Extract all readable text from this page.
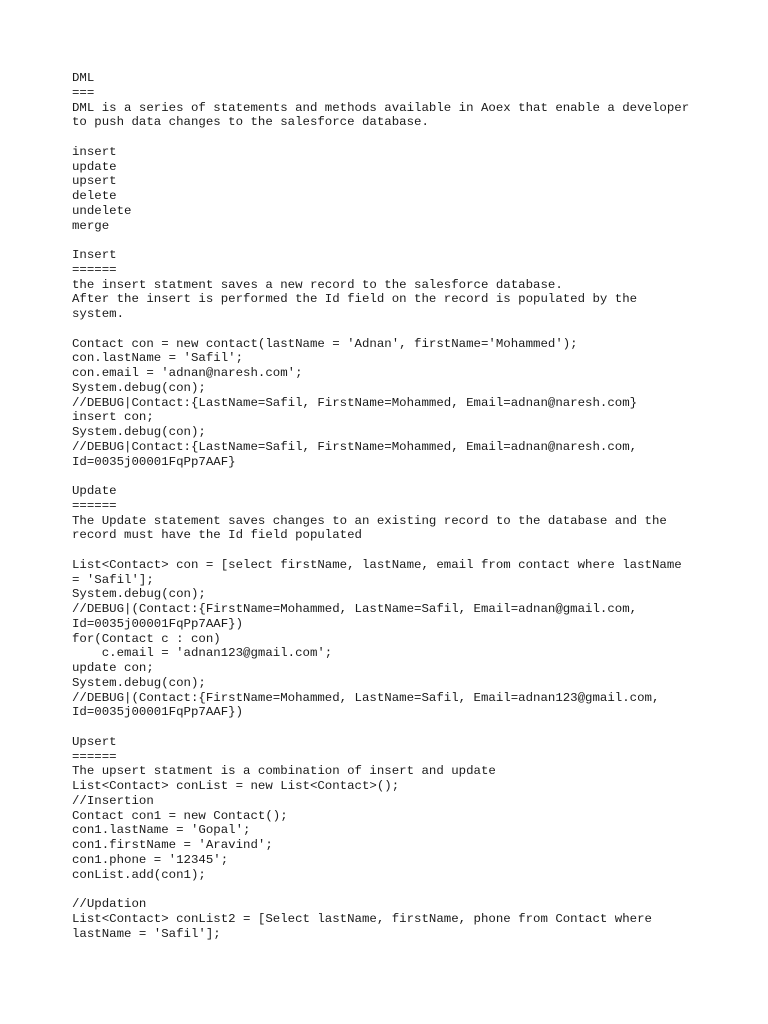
DML
===
DML is a series of statements and methods available in Aoex that enable a developer
to push data changes to the salesforce database.
insert
update
upsert
delete
undelete
merge
Insert
======
the insert statment saves a new record to the salesforce database.
After the insert is performed the Id field on the record is populated by the
system.
Contact con = new contact(lastName = 'Adnan', firstName='Mohammed');
con.lastName = 'Safil';
con.email = 'adnan@naresh.com';
System.debug(con);
//DEBUG|Contact:{LastName=Safil, FirstName=Mohammed, Email=adnan@naresh.com}
insert con;
System.debug(con);
//DEBUG|Contact:{LastName=Safil, FirstName=Mohammed, Email=adnan@naresh.com,
Id=0035j00001FqPp7AAF}
Update
======
The Update statement saves changes to an existing record to the database and the
record must have the Id field populated
List<Contact> con = [select firstName, lastName, email from contact where lastName
= 'Safil'];
System.debug(con);
//DEBUG|(Contact:{FirstName=Mohammed, LastName=Safil, Email=adnan@gmail.com,
Id=0035j00001FqPp7AAF})
for(Contact c : con)
c.email = 'adnan123@gmail.com';
update con;
System.debug(con);
//DEBUG|(Contact:{FirstName=Mohammed, LastName=Safil, Email=adnan123@gmail.com,
Id=0035j00001FqPp7AAF})
Upsert
======
The upsert statment is a combination of insert and update
List<Contact> conList = new List<Contact>();
//Insertion
Contact con1 = new Contact();
con1.lastName = 'Gopal';
con1.firstName = 'Aravind';
con1.phone = '12345';
conList.add(con1);
//Updation
List<Contact> conList2 = [Select lastName, firstName, phone from Contact where
lastName = 'Safil'];
